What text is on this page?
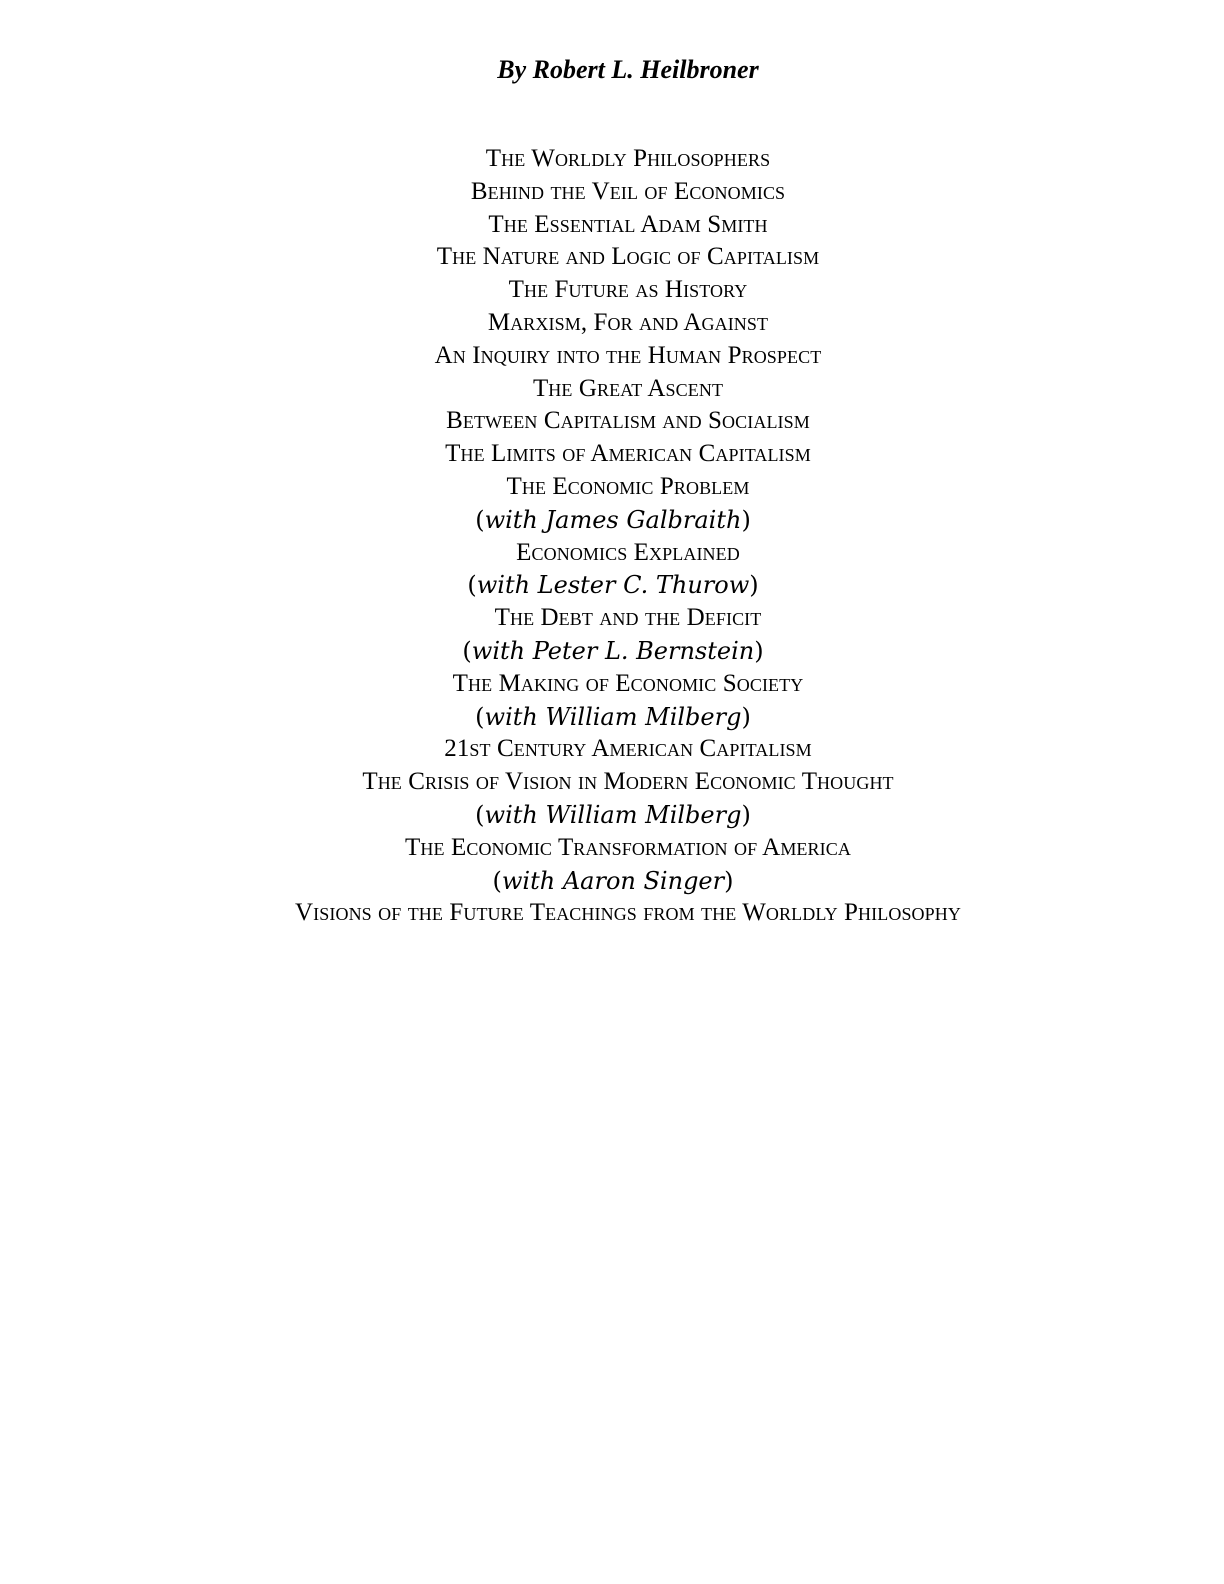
By Robert L. Heilbroner
The Worldly Philosophers
Behind the Veil of Economics
The Essential Adam Smith
The Nature and Logic of Capitalism
The Future as History
Marxism, For and Against
An Inquiry into the Human Prospect
The Great Ascent
Between Capitalism and Socialism
The Limits of American Capitalism
The Economic Problem
(with James Galbraith)
Economics Explained
(with Lester C. Thurow)
The Debt and the Deficit
(with Peter L. Bernstein)
The Making of Economic Society
(with William Milberg)
21st Century American Capitalism
The Crisis of Vision in Modern Economic Thought
(with William Milberg)
The Economic Transformation of America
(with Aaron Singer)
Visions of the Future Teachings from the Worldly Philosophy
